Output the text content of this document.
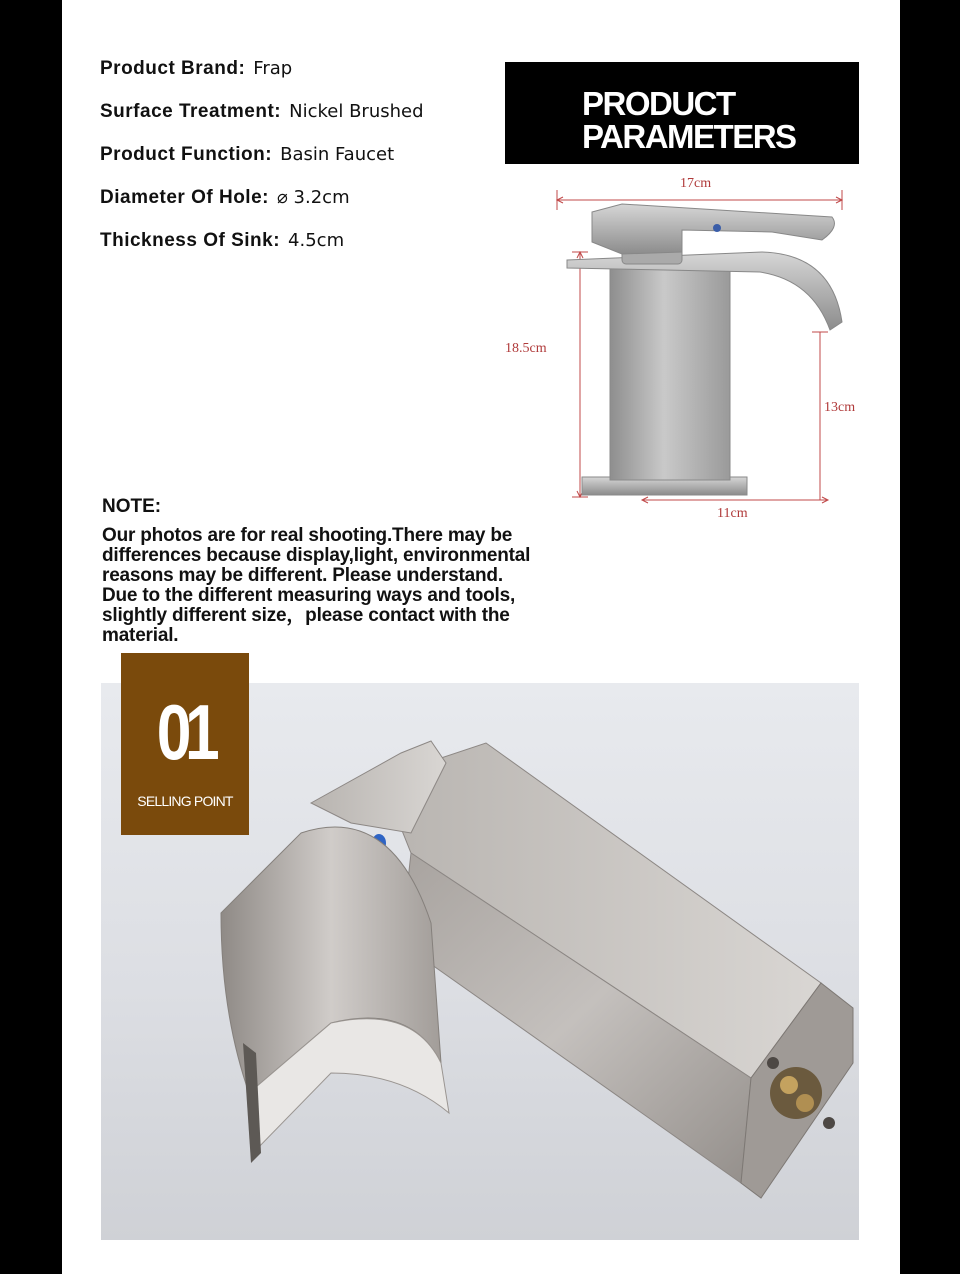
Product Brand: Frap
Surface Treatment: Nickel Brushed
Product Function: Basin Faucet
Diameter Of Hole: ⌀ 3.2cm
Thickness Of Sink: 4.5cm
PRODUCT
PARAMETERS
17cm
18.5cm
13cm
11cm
NOTE:
Our photos are for real shooting.There may be
differences because display,light, environmental
reasons may be different. Please understand.
Due to the different measuring ways and tools,
slightly different size，please contact with the
material.
01
SELLING POINT
